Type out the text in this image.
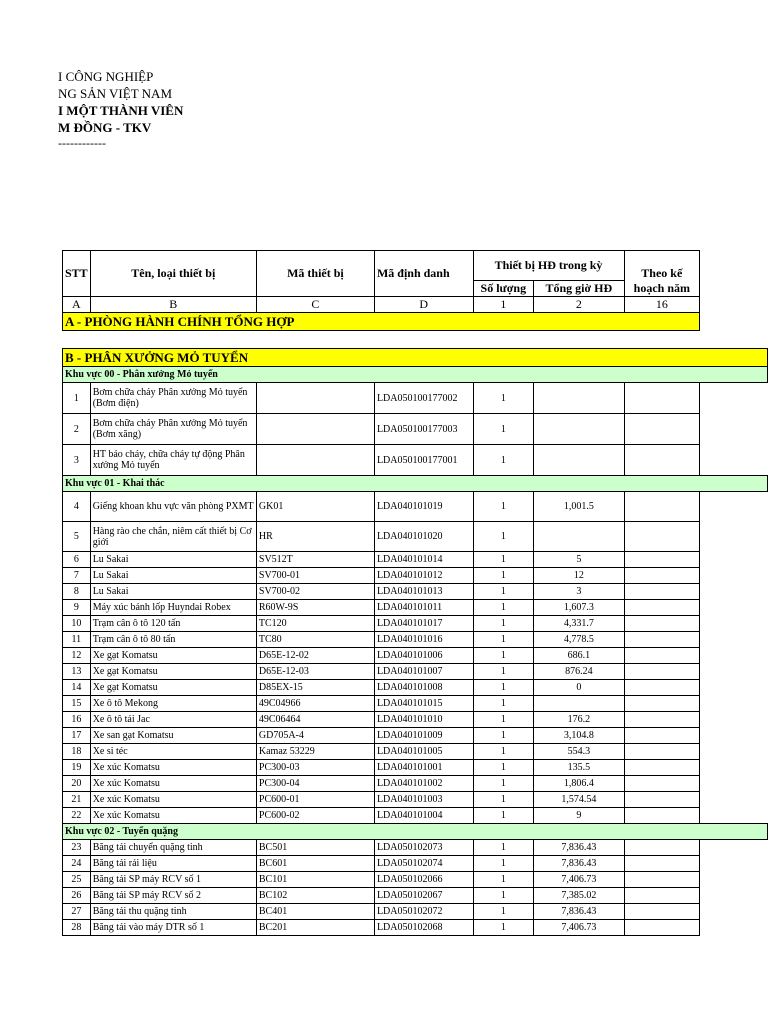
I CÔNG NGHIỆP
NG SẢN VIỆT NAM
I MỘT THÀNH VIÊN
M ĐỒNG - TKV
------------
STT	Tên, loại thiết bị	Mã thiết bị	Mã định danh	Thiết bị HĐ trong kỳ			
						Theo kế hoạch năm	
				Số lượng	Tổng giờ HĐ		
A	B	C	D	1	2	16	
A - PHÒNG HÀNH CHÍNH TỔNG HỢP							

B - PHÂN XƯỞNG MỎ TUYỂN							
Khu vực 00 - Phân xưởng Mỏ tuyển							
1	Bơm chữa cháy Phân xưởng Mỏ tuyển (Bơm điện)		LDA050100177002	1			
2	Bơm chữa cháy Phân xưởng Mỏ tuyển (Bơm xăng)		LDA050100177003	1			
3	HT báo cháy, chữa cháy tự động Phân xưởng Mỏ tuyển		LDA050100177001	1			
Khu vực 01 - Khai thác							
4	Giếng khoan khu vực văn phòng PXMT	GK01	LDA040101019	1	1,001.5		
5	Hàng rào che chắn, niêm cất thiết bị Cơ giới	HR	LDA040101020	1			
6	Lu Sakai	SV512T	LDA040101014	1	5		
7	Lu Sakai	SV700-01	LDA040101012	1	12		
8	Lu Sakai	SV700-02	LDA040101013	1	3		
9	Máy xúc bánh lốp Huyndai Robex	R60W-9S	LDA040101011	1	1,607.3		
10	Trạm cân ô tô 120 tấn	TC120	LDA040101017	1	4,331.7		
11	Trạm cân ô tô 80 tấn	TC80	LDA040101016	1	4,778.5		
12	Xe gạt Komatsu	D65E-12-02	LDA040101006	1	686.1		
13	Xe gạt Komatsu	D65E-12-03	LDA040101007	1	876.24		
14	Xe gạt Komatsu	D85EX-15	LDA040101008	1	0		
15	Xe ô tô Mekong	49C04966	LDA040101015	1			
16	Xe ô tô tải Jac	49C06464	LDA040101010	1	176.2		
17	Xe san gạt Komatsu	GD705A-4	LDA040101009	1	3,104.8		
18	Xe si téc	Kamaz 53229	LDA040101005	1	554.3		
19	Xe xúc Komatsu	PC300-03	LDA040101001	1	135.5		
20	Xe xúc Komatsu	PC300-04	LDA040101002	1	1,806.4		
21	Xe xúc Komatsu	PC600-01	LDA040101003	1	1,574.54		
22	Xe xúc Komatsu	PC600-02	LDA040101004	1	9		
Khu vực 02 - Tuyển quặng							
23	Băng tải chuyển quặng tinh	BC501	LDA050102073	1	7,836.43		
24	Băng tải rải liệu	BC601	LDA050102074	1	7,836.43		
25	Băng tải SP máy RCV số 1	BC101	LDA050102066	1	7,406.73		
26	Băng tải SP máy RCV số 2	BC102	LDA050102067	1	7,385.02		
27	Băng tải thu quặng tinh	BC401	LDA050102072	1	7,836.43		
28	Băng tải vào máy DTR số 1	BC201	LDA050102068	1	7,406.73		
